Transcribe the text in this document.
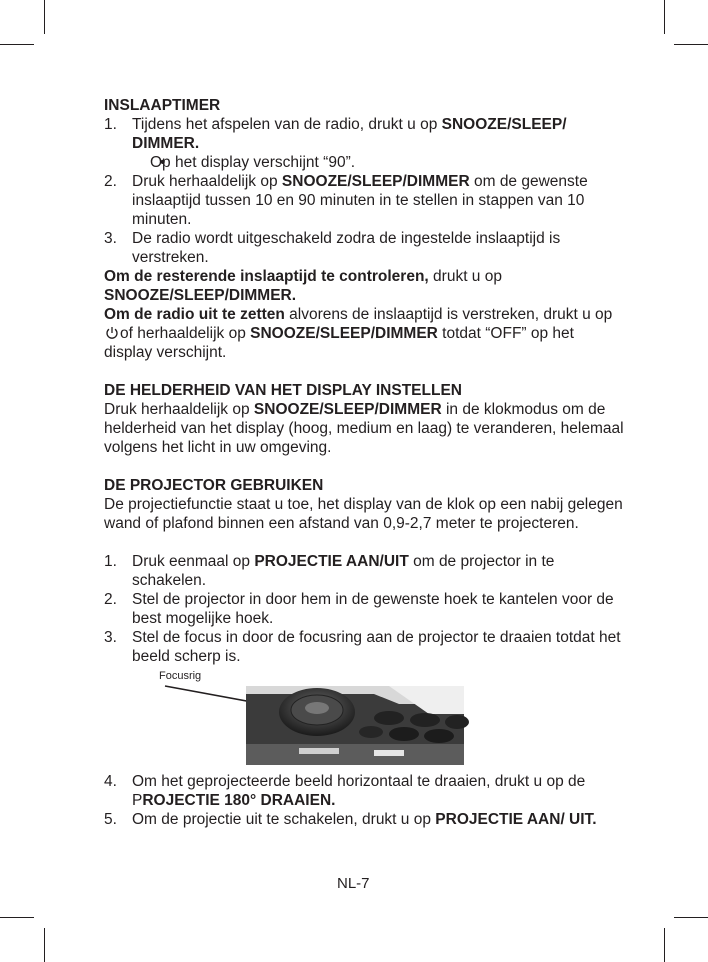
INSLAAPTIMER

1. Tijdens het afspelen van de radio, drukt u op SNOOZE/SLEEP/ DIMMER.
• Op het display verschijnt “90”.
2. Druk herhaaldelijk op SNOOZE/SLEEP/DIMMER om de gewenste inslaaptijd tussen 10 en 90 minuten in te stellen in stappen van 10 minuten.
3. De radio wordt uitgeschakeld zodra de ingestelde inslaaptijd is verstreken.

Om de resterende inslaaptijd te controleren, drukt u op
SNOOZE/SLEEP/DIMMER.

Om de radio uit te zetten alvorens de inslaaptijd is verstreken, drukt u opof herhaaldelijk op SNOOZE/SLEEP/DIMMER totdat “OFF” op het display verschijnt.

DE HELDERHEID VAN HET DISPLAY INSTELLEN

Druk herhaaldelijk op SNOOZE/SLEEP/DIMMER in de klokmodus om de helderheid van het display (hoog, medium en laag) te veranderen, helemaal volgens het licht in uw omgeving.

DE PROJECTOR GEBRUIKEN

De projectiefunctie staat u toe, het display van de klok op een nabij gelegen wand of plafond binnen een afstand van 0,9-2,7 meter te projecteren.

1. Druk eenmaal op PROJECTIE AAN/UIT om de projector in te schakelen.
2. Stel de projector in door hem in de gewenste hoek te kantelen voor de best mogelijke hoek.
3. Stel de focus in door de focusring aan de projector te draaien totdat het beeld scherp is.
Focusrig
4. Om het geprojecteerde beeld horizontaal te draaien, drukt u op de PROJECTIE 180° DRAAIEN.
5. Om de projectie uit te schakelen, drukt u op PROJECTIE AAN/ UIT.
NL-7
